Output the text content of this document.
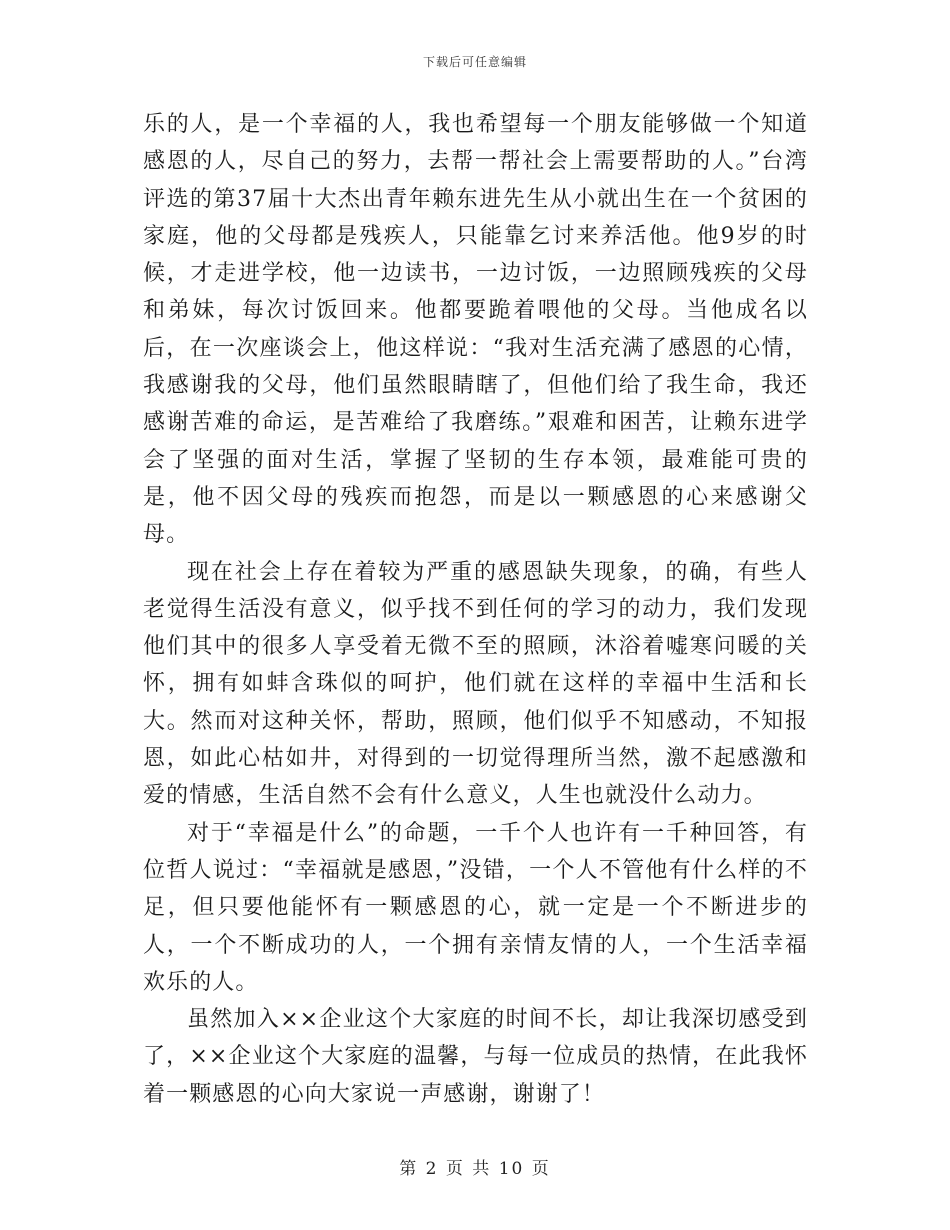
下载后可任意编辑

乐的人，是一个幸福的人，我也希望每一个朋友能够做一个知道感恩的人，尽自己的努力，去帮一帮社会上需要帮助的人。”台湾评选的第37届十大杰出青年赖东进先生从小就出生在一个贫困的家庭，他的父母都是残疾人，只能靠乞讨来养活他。他9岁的时候，才走进学校，他一边读书，一边讨饭，一边照顾残疾的父母和弟妹，每次讨饭回来。他都要跪着喂他的父母。当他成名以后，在一次座谈会上，他这样说：“我对生活充满了感恩的心情，我感谢我的父母，他们虽然眼睛瞎了，但他们给了我生命，我还感谢苦难的命运，是苦难给了我磨练。”艰难和困苦，让赖东进学会了坚强的面对生活，掌握了坚韧的生存本领，最难能可贵的是，他不因父母的残疾而抱怨，而是以一颗感恩的心来感谢父母。

现在社会上存在着较为严重的感恩缺失现象，的确，有些人老觉得生活没有意义，似乎找不到任何的学习的动力，我们发现他们其中的很多人享受着无微不至的照顾，沐浴着嘘寒问暖的关怀，拥有如蚌含珠似的呵护，他们就在这样的幸福中生活和长大。然而对这种关怀，帮助，照顾，他们似乎不知感动，不知报恩，如此心枯如井，对得到的一切觉得理所当然，激不起感激和爱的情感，生活自然不会有什么意义，人生也就没什么动力。

对于“幸福是什么”的命题，一千个人也许有一千种回答，有位哲人说过：“幸福就是感恩，”没错，一个人不管他有什么样的不足，但只要他能怀有一颗感恩的心，就一定是一个不断进步的人，一个不断成功的人，一个拥有亲情友情的人，一个生活幸福欢乐的人。

虽然加入××企业这个大家庭的时间不长，却让我深切感受到了，××企业这个大家庭的温馨，与每一位成员的热情，在此我怀着一颗感恩的心向大家说一声感谢，谢谢了！

第 2 页 共 10 页
